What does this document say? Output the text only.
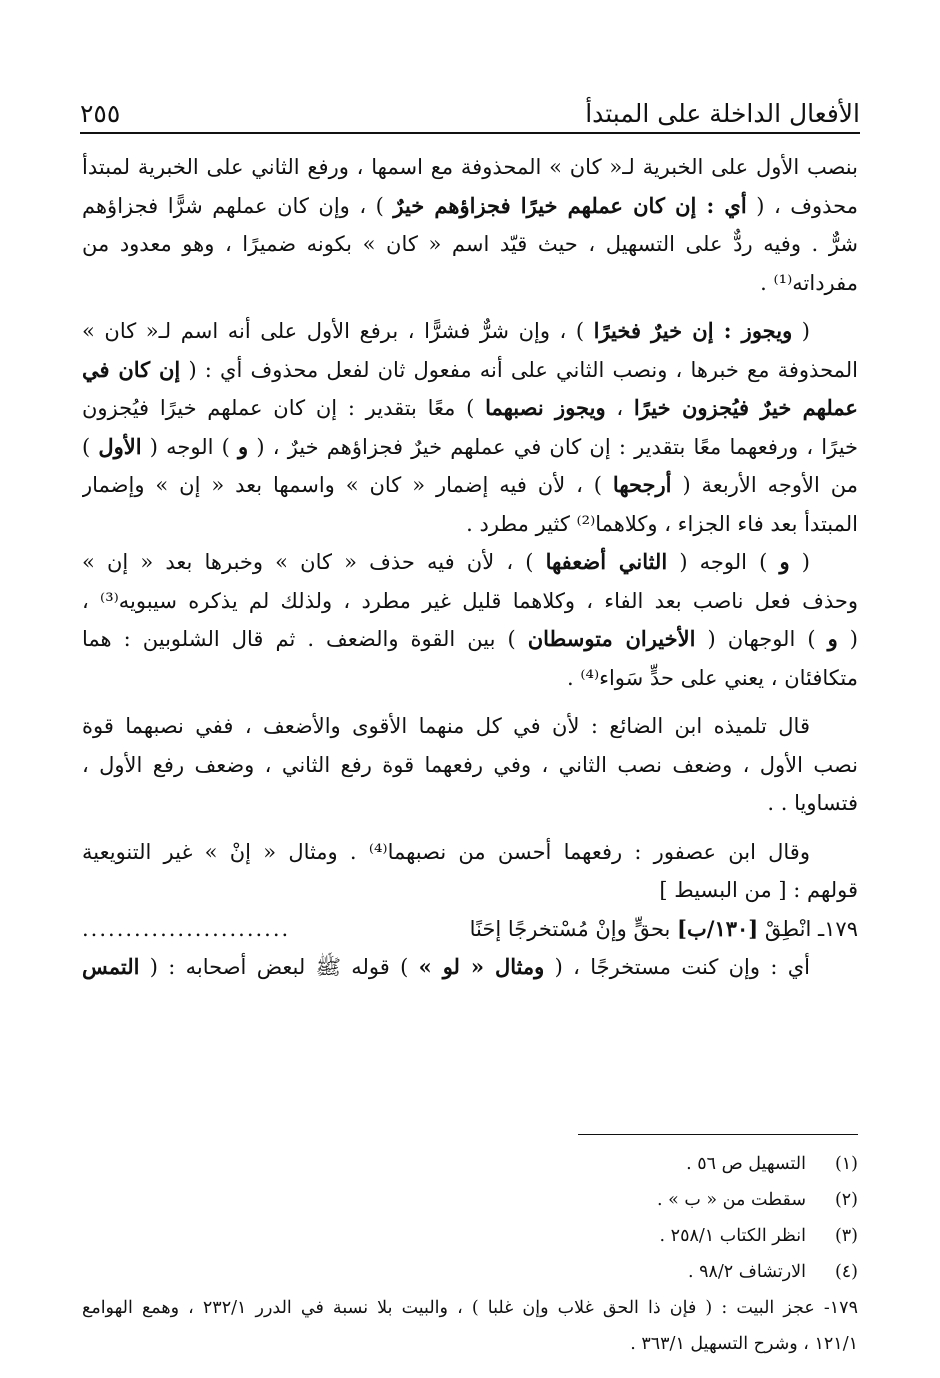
الأفعال الداخلة على المبتدأ
٢٥٥
بنصب الأول على الخبرية لـ« كان » المحذوفة مع اسمها ، ورفع الثاني على الخبرية لمبتدأ
محذوف ، ( أي : إن كان عملهم خيرًا فجزاؤهم خيرٌ ) ، وإن كان عملهم شرًّا فجزاؤهم
شرٌّ . وفيه ردٌّ على التسهيل ، حيث قيّد اسم « كان » بكونه ضميرًا ، وهو معدود من
مفرداته⁽¹⁾ .
( ويجوز : إن خيرٌ فخيرًا ) ، وإن شرٌّ فشرًّا ، برفع الأول على أنه اسم لـ« كان »
المحذوفة مع خبرها ، ونصب الثاني على أنه مفعول ثان لفعل محذوف أي : ( إن كان في
عملهم خيرٌ فيُجزون خيرًا ، ويجوز نصبهما ) معًا بتقدير : إن كان عملهم خيرًا فيُجزون
خيرًا ، ورفعهما معًا بتقدير : إن كان في عملهم خيرٌ فجزاؤهم خيرٌ ، ( و ) الوجه ( الأول )
من الأوجه الأربعة ( أرجحها ) ، لأن فيه إضمار « كان » واسمها بعد « إن » وإضمار
المبتدأ بعد فاء الجزاء ، وكلاهما⁽²⁾ كثير مطرد .
( و ) الوجه ( الثاني أضعفها ) ، لأن فيه حذف « كان » وخبرها بعد « إن »
وحذف فعل ناصب بعد الفاء ، وكلاهما قليل غير مطرد ، ولذلك لم يذكره سيبويه⁽³⁾ ،
( و ) الوجهان ( الأخيران متوسطان ) بين القوة والضعف . ثم قال الشلوبين : هما
متكافئان ، يعني على حدٍّ سَواء⁽⁴⁾ .
قال تلميذه ابن الضائع : لأن في كل منهما الأقوى والأضعف ، ففي نصبهما قوة
نصب الأول ، وضعف نصب الثاني ، وفي رفعهما قوة رفع الثاني ، وضعف رفع الأول ،
فتساويا . .
وقال ابن عصفور : رفعهما أحسن من نصبهما⁽⁴⁾ . ومثال « إنْ » غير التنويعية
قولهم : [ من البسيط ]
١٧٩ـ انْطِقْ [١٣٠/ب] بحقٍّ وإنْ مُسْتخرجًا إحَنًا
........................
أي : وإن كنت مستخرجًا ، ( ومثال « لو » ) قوله ﷺ لبعض أصحابه : ( التمس
(١)التسهيل ص ٥٦ .
(٢)سقطت من « ب » .
(٣)انظر الكتاب ٢٥٨/١ .
(٤)الارتشاف ٩٨/٢ .
١٧٩- عجز البيت : ( فإن ذا الحق غلاب وإن غلبا ) ، والبيت بلا نسبة في الدرر ٢٣٢/١ ، وهمع الهوامع
١٢١/١ ، وشرح التسهيل ٣٦٣/١ .
